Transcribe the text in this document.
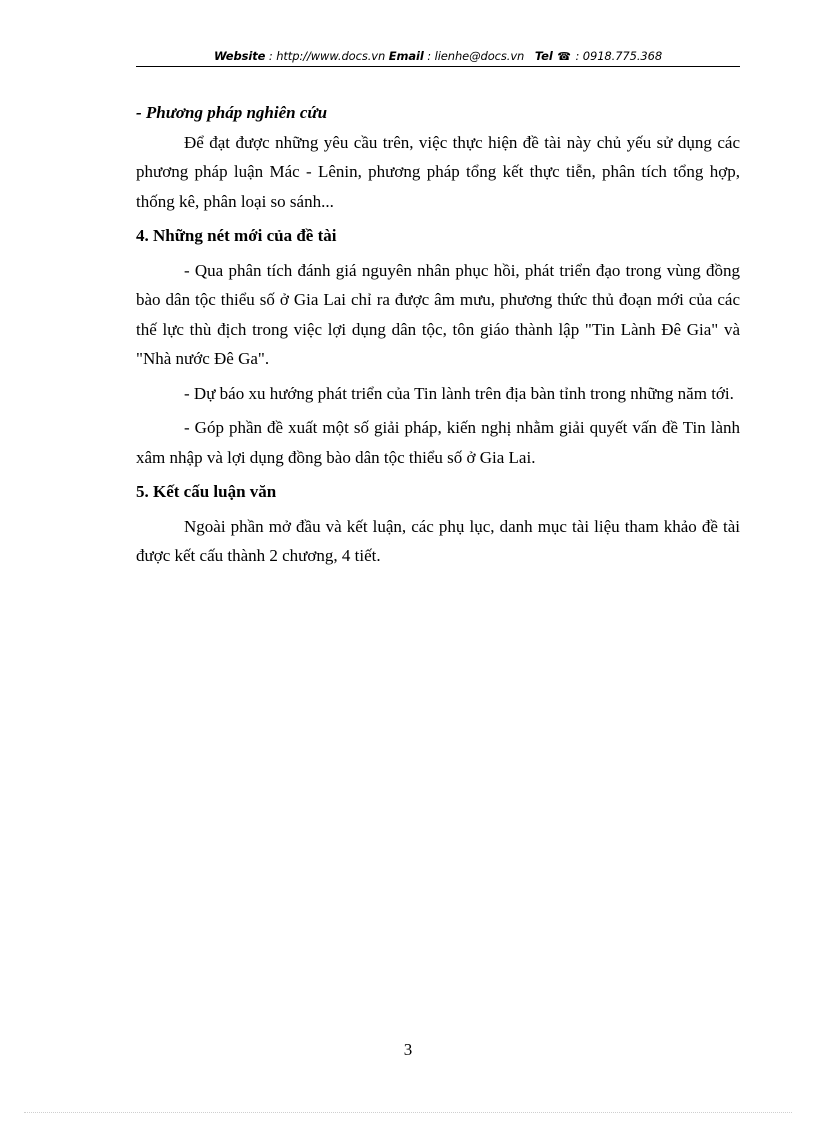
Website : http://www.docs.vn Email : lienhe@docs.vn Tel ☎ : 0918.775.368

- Phương pháp nghiên cứu

Để đạt được những yêu cầu trên, việc thực hiện đề tài này chủ yếu sử dụng các phương pháp luận Mác - Lênin, phương pháp tổng kết thực tiễn, phân tích tổng hợp, thống kê, phân loại so sánh...

4. Những nét mới của đề tài

- Qua phân tích đánh giá nguyên nhân phục hồi, phát triển đạo trong vùng đồng bào dân tộc thiểu số ở Gia Lai chỉ ra được âm mưu, phương thức thủ đoạn mới của các thế lực thù địch trong việc lợi dụng dân tộc, tôn giáo thành lập "Tin Lành Đê Gia" và "Nhà nước Đê Ga".

- Dự báo xu hướng phát triển của Tin lành trên địa bàn tỉnh trong những năm tới.

- Góp phần đề xuất một số giải pháp, kiến nghị nhằm giải quyết vấn đề Tin lành xâm nhập và lợi dụng đồng bào dân tộc thiểu số ở Gia Lai.

5. Kết cấu luận văn

Ngoài phần mở đầu và kết luận, các phụ lục, danh mục tài liệu tham khảo đề tài được kết cấu thành 2 chương, 4 tiết.

3
